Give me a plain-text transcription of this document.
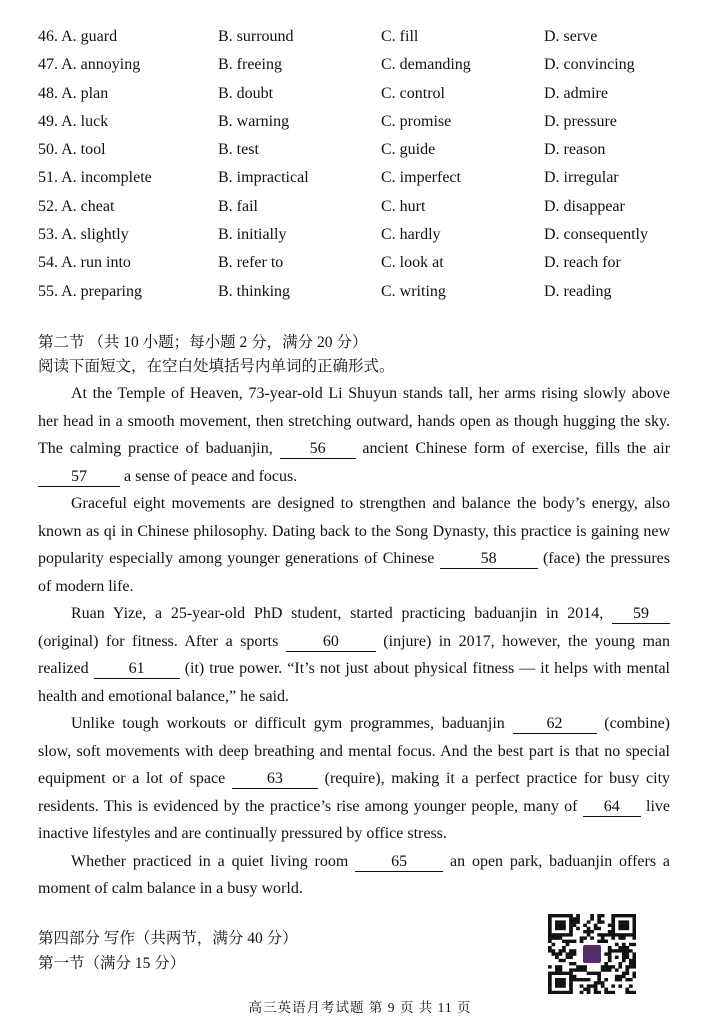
46. A. guard	B. surround	C. fill	D. serve
47. A. annoying	B. freeing	C. demanding	D. convincing
48. A. plan	B. doubt	C. control	D. admire
49. A. luck	B. warning	C. promise	D. pressure
50. A. tool	B. test	C. guide	D. reason
51. A. incomplete	B. impractical	C. imperfect	D. irregular
52. A. cheat	B. fail	C. hurt	D. disappear
53. A. slightly	B. initially	C. hardly	D. consequently
54. A. run into	B. refer to	C. look at	D. reach for
55. A. preparing	B. thinking	C. writing	D. reading
第二节 （共 10 小题；每小题 2 分，满分 20 分）
阅读下面短文，在空白处填括号内单词的正确形式。

At the Temple of Heaven, 73-year-old Li Shuyun stands tall, her arms rising slowly above her head in a smooth movement, then stretching outward, hands open as though hugging the sky. The calming practice of baduanjin, 56 ancient Chinese form of exercise, fills the air 57 a sense of peace and focus.

Graceful eight movements are designed to strengthen and balance the body’s energy, also known as qi in Chinese philosophy. Dating back to the Song Dynasty, this practice is gaining new popularity especially among younger generations of Chinese	58	(face) the pressures of modern life.

Ruan Yize, a 25-year-old PhD student, started practicing baduanjin in 2014, 59 (original) for fitness. After a sports	60	(injure) in 2017, however, the young man realized	61	(it) true power. “It’s not just about physical fitness — it helps with mental health and emotional balance,” he said.

Unlike tough workouts or difficult gym programmes, baduanjin	62	(combine) slow, soft movements with deep breathing and mental focus. And the best part is that no special equipment or a lot of space	63	(require), making it a perfect practice for busy city residents. This is evidenced by the practice’s rise among younger people, many of 64 live inactive lifestyles and are continually pressured by office stress.

Whether practiced in a quiet living room	65	an open park, baduanjin offers a moment of calm balance in a busy world.

第四部分 写作（共两节，满分 40 分）
第一节（满分 15 分）
高三英语月考试题 第 9 页 共 11 页
